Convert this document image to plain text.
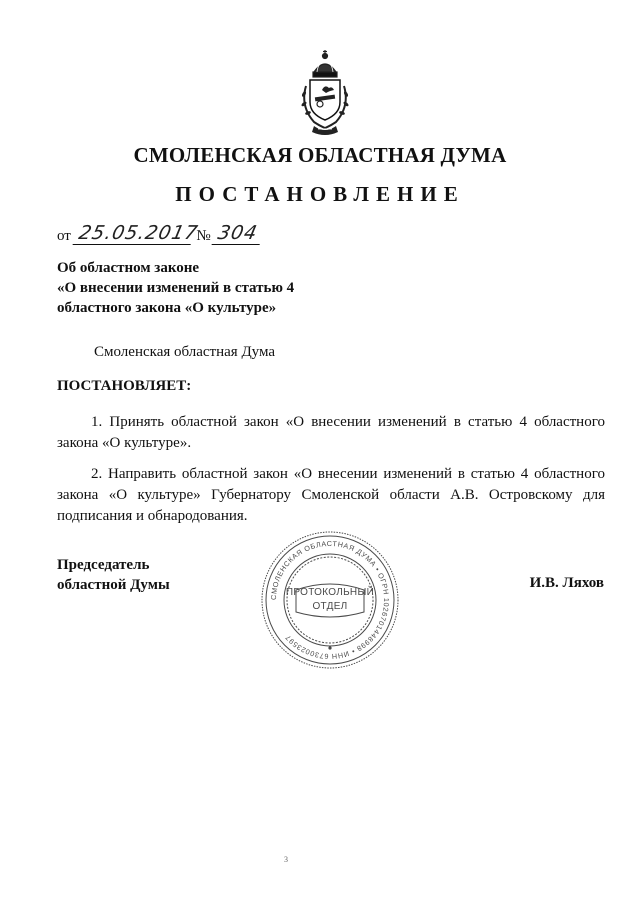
СМОЛЕНСКАЯ ОБЛАСТНАЯ ДУМА
ПОСТАНОВЛЕНИЕ
от 25.05.2017 № 304
Об областном законе
«О внесении изменений в статью 4
областного закона «О культуре»
Смоленская областная Дума
ПОСТАНОВЛЯЕТ:
1. Принять областной закон «О внесении изменений в статью 4 областного закона «О культуре».
2. Направить областной закон «О внесении изменений в статью 4 областного закона «О культуре» Губернатору Смоленской области А.В. Островскому для подписания и обнародования.
Председатель
областной Думы	И.В. Ляхов
СМОЛЕНСКАЯ ОБЛАСТНАЯ ДУМА • ОГРН 1026701448998 • ИНН 6730023597
ПРОТОКОЛЬНЫЙ
ОТДЕЛ
3
